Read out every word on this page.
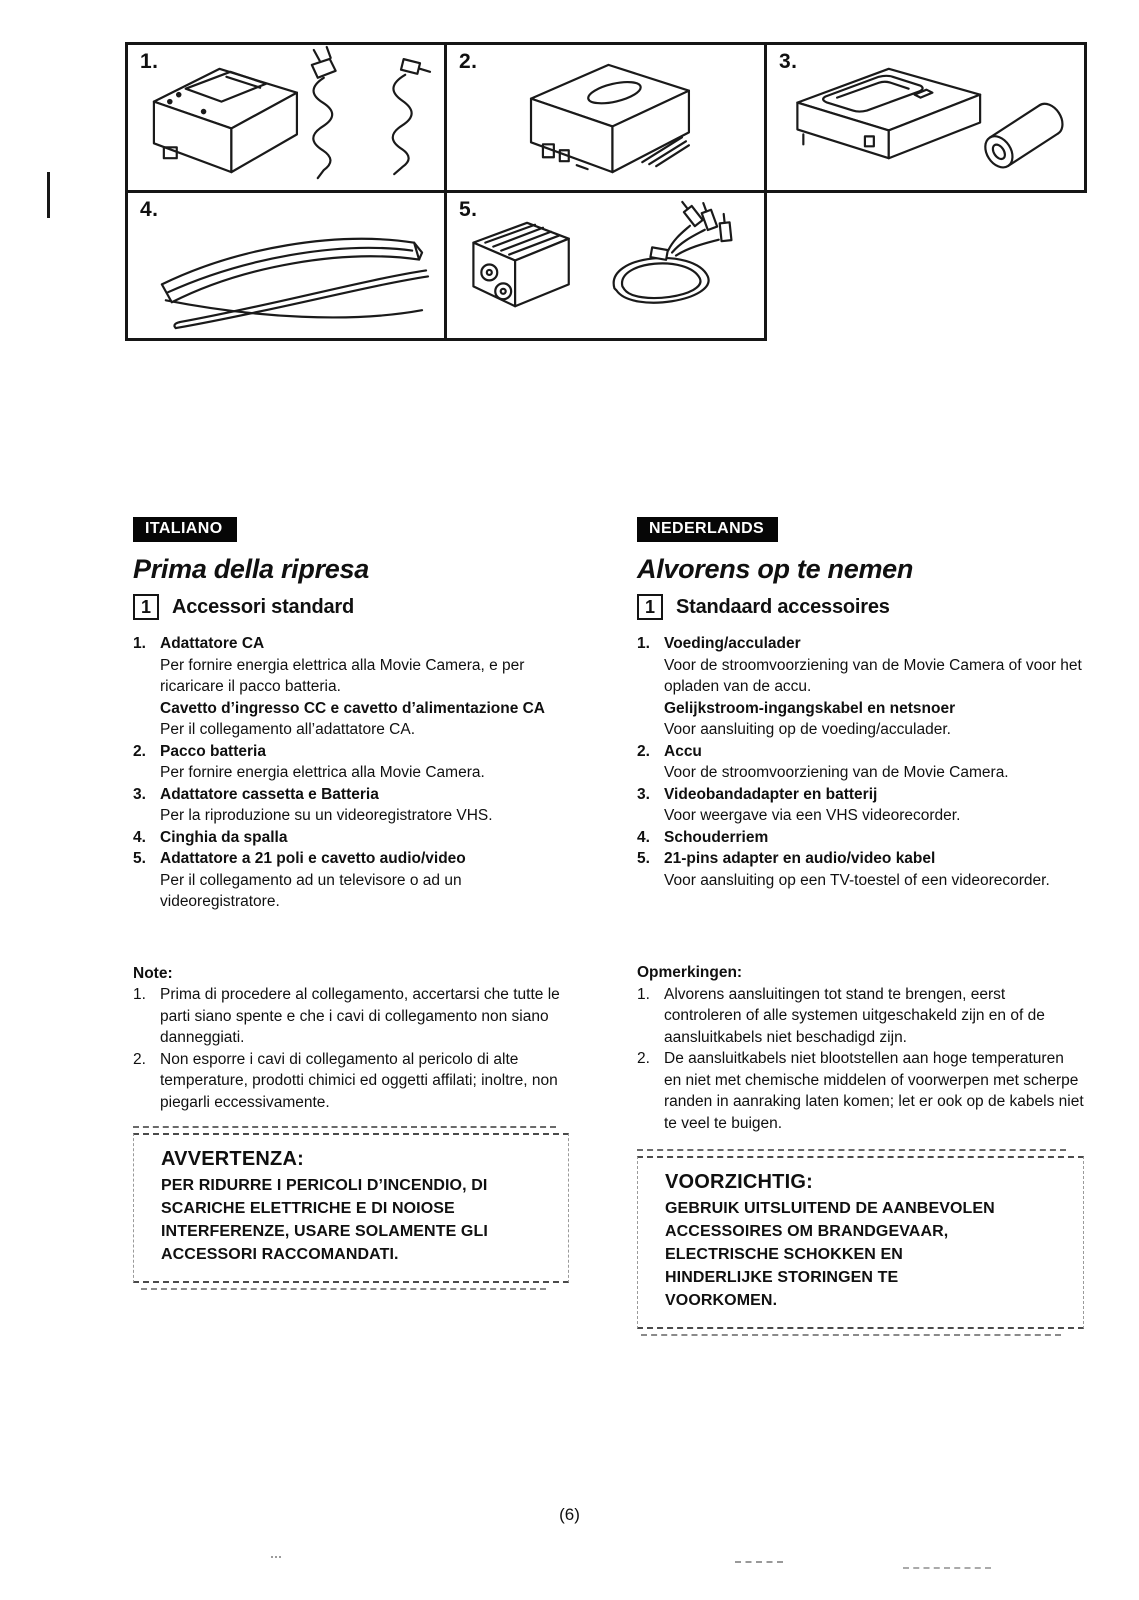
1.	2.	3.
4.	5.
ITALIANO
Prima della ripresa
1	Accessori standard
1. Adattatore CA
Per fornire energia elettrica alla Movie Camera, e per ricaricare il pacco batteria.
Cavetto d’ingresso CC e cavetto d’alimentazione CA
Per il collegamento all’adattatore CA.
2. Pacco batteria
Per fornire energia elettrica alla Movie Camera.
3. Adattatore cassetta e Batteria
Per la riproduzione su un videoregistratore VHS.
4. Cinghia da spalla
5. Adattatore a 21 poli e cavetto audio/video
Per il collegamento ad un televisore o ad un videoregistratore.
Note:
1. Prima di procedere al collegamento, accertarsi che tutte le parti siano spente e che i cavi di collegamento non siano danneggiati.
2. Non esporre i cavi di collegamento al pericolo di alte temperature, prodotti chimici ed oggetti affilati; inoltre, non piegarli eccessivamente.
AVVERTENZA:
PER RIDURRE I PERICOLI D’INCENDIO, DI
SCARICHE ELETTRICHE E DI NOIOSE
INTERFERENZE, USARE SOLAMENTE GLI
ACCESSORI RACCOMANDATI.
NEDERLANDS
Alvorens op te nemen
1	Standaard accessoires
1. Voeding/acculader
Voor de stroomvoorziening van de Movie Camera of voor het opladen van de accu.
Gelijkstroom-ingangskabel en netsnoer
Voor aansluiting op de voeding/acculader.
2. Accu
Voor de stroomvoorziening van de Movie Camera.
3. Videobandadapter en batterij
Voor weergave via een VHS videorecorder.
4. Schouderriem
5. 21-pins adapter en audio/video kabel
Voor aansluiting op een TV-toestel of een videorecorder.
Opmerkingen:
1. Alvorens aansluitingen tot stand te brengen, eerst controleren of alle systemen uitgeschakeld zijn en of de aansluitkabels niet beschadigd zijn.
2. De aansluitkabels niet blootstellen aan hoge temperaturen en niet met chemische middelen of voorwerpen met scherpe randen in aanraking laten komen; let er ook op de kabels niet te veel te buigen.
VOORZICHTIG:
GEBRUIK UITSLUITEND DE AANBEVOLEN
ACCESSOIRES OM BRANDGEVAAR,
ELECTRISCHE SCHOKKEN EN
HINDERLIJKE STORINGEN TE
VOORKOMEN.
(6)
